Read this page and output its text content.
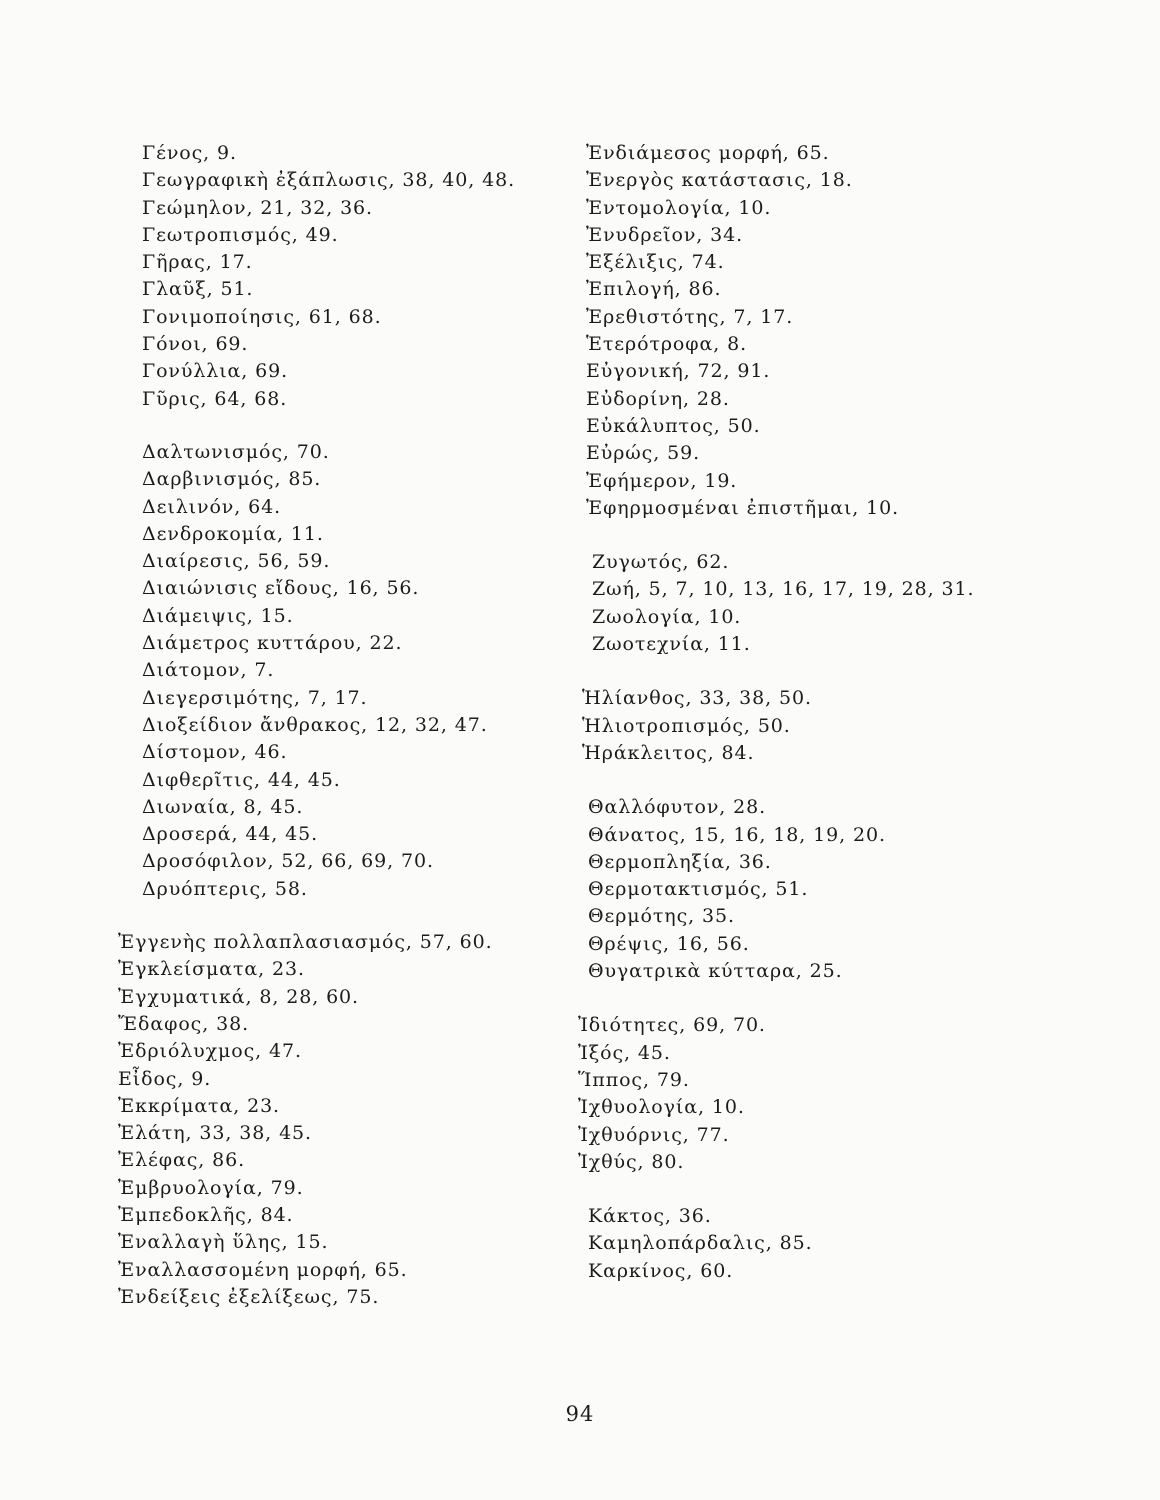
Γένος, 9.
Γεωγραφικὴ ἐξάπλωσις, 38, 40, 48.
Γεώμηλον, 21, 32, 36.
Γεωτροπισμός, 49.
Γῆρας, 17.
Γλαῦξ, 51.
Γονιμοποίησις, 61, 68.
Γόνοι, 69.
Γονύλλια, 69.
Γῦρις, 64, 68.
Δαλτωνισμός, 70.
Δαρβινισμός, 85.
Δειλινόν, 64.
Δενδροκομία, 11.
Διαίρεσις, 56, 59.
Διαιώνισις εἴδους, 16, 56.
Διάμειψις, 15.
Διάμετρος κυττάρου, 22.
Διάτομον, 7.
Διεγερσιμότης, 7, 17.
Διοξείδιον ἄνθρακος, 12, 32, 47.
Δίστομον, 46.
Διφθερῖτις, 44, 45.
Διωναία, 8, 45.
Δροσερά, 44, 45.
Δροσόφιλον, 52, 66, 69, 70.
Δρυόπτερις, 58.
Ἐγγενὴς πολλαπλασιασμός, 57, 60.
Ἐγκλείσματα, 23.
Ἐγχυματικά, 8, 28, 60.
Ἔδαφος, 38.
Ἐδριόλυχμος, 47.
Εἶδος, 9.
Ἐκκρίματα, 23.
Ἐλάτη, 33, 38, 45.
Ἐλέφας, 86.
Ἐμβρυολογία, 79.
Ἐμπεδοκλῆς, 84.
Ἐναλλαγὴ ὕλης, 15.
Ἐναλλασσομένη μορφή, 65.
Ἐνδείξεις ἐξελίξεως, 75.
Ἐνδιάμεσος μορφή, 65.
Ἐνεργὸς κατάστασις, 18.
Ἐντομολογία, 10.
Ἐνυδρεῖον, 34.
Ἐξέλιξις, 74.
Ἐπιλογή, 86.
Ἐρεθιστότης, 7, 17.
Ἑτερότροφα, 8.
Εὐγονική, 72, 91.
Εὐδορίνη, 28.
Εὐκάλυπτος, 50.
Εὐρώς, 59.
Ἐφήμερον, 19.
Ἐφηρμοσμέναι ἐπιστῆμαι, 10.
Ζυγωτός, 62.
Ζωή, 5, 7, 10, 13, 16, 17, 19, 28, 31.
Ζωολογία, 10.
Ζωοτεχνία, 11.
Ἡλίανθος, 33, 38, 50.
Ἡλιοτροπισμός, 50.
Ἡράκλειτος, 84.
Θαλλόφυτον, 28.
Θάνατος, 15, 16, 18, 19, 20.
Θερμοπληξία, 36.
Θερμοτακτισμός, 51.
Θερμότης, 35.
Θρέψις, 16, 56.
Θυγατρικὰ κύτταρα, 25.
Ἰδιότητες, 69, 70.
Ἰξός, 45.
Ἵππος, 79.
Ἰχθυολογία, 10.
Ἰχθυόρνις, 77.
Ἰχθύς, 80.
Κάκτος, 36.
Καμηλοπάρδαλις, 85.
Καρκίνος, 60.
94
